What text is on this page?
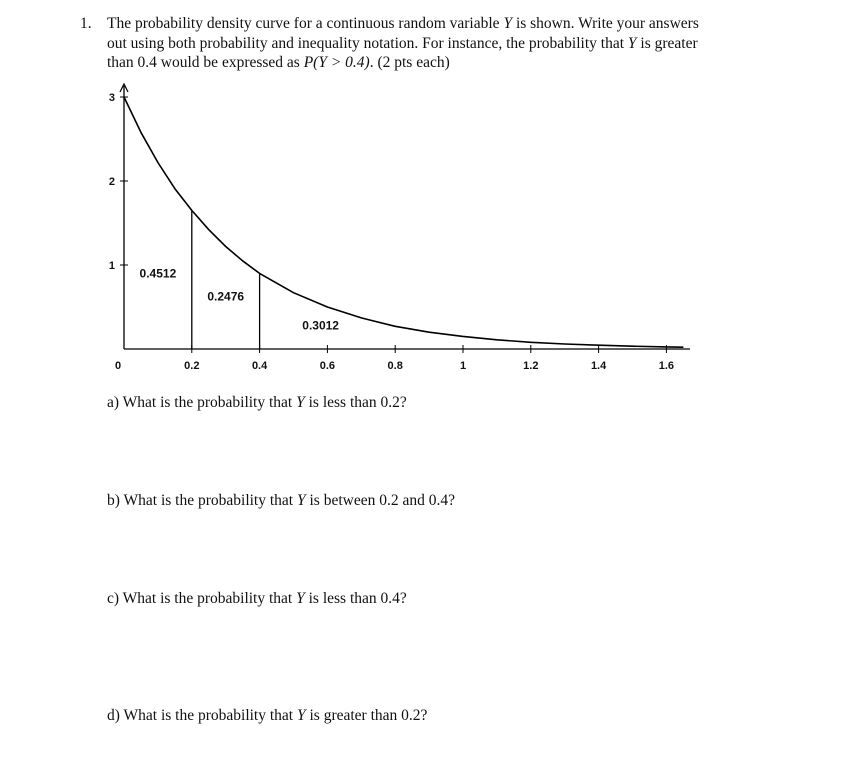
1. The probability density curve for a continuous random variable Y is shown. Write your answers
out using both probability and inequality notation. For instance, the probability that Y is greater
than 0.4 would be expressed as P(Y > 0.4). (2 pts each)
0	0.2	0.4	0.6	0.8	1	1.2	1.4	1.6
1
2
3
0.4512
0.2476
0.3012
a) What is the probability that Y is less than 0.2?
b) What is the probability that Y is between 0.2 and 0.4?
c) What is the probability that Y is less than 0.4?
d) What is the probability that Y is greater than 0.2?
